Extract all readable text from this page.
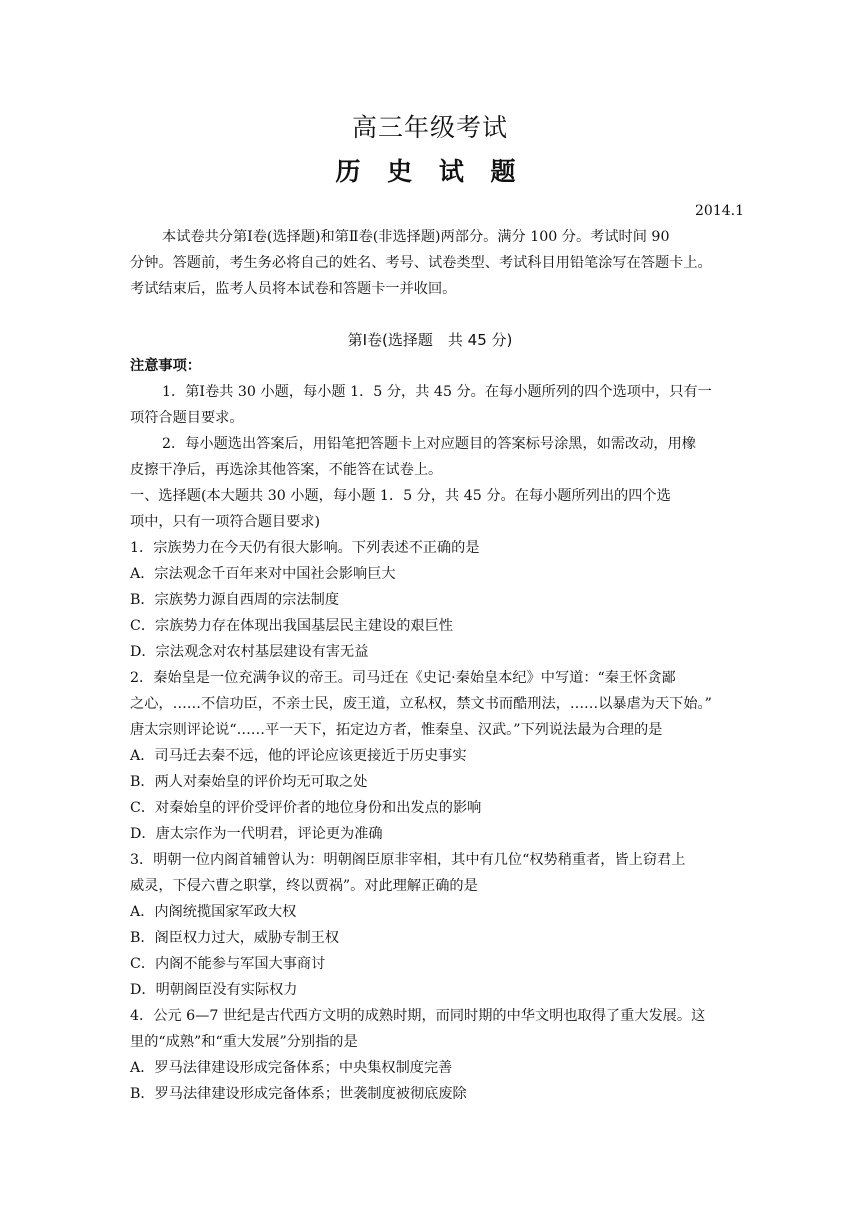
高三年级考试
历 史 试 题
2014.1
本试卷共分第Ⅰ卷(选择题)和第Ⅱ卷(非选择题)两部分。满分 100 分。考试时间 90
分钟。答题前，考生务必将自己的姓名、考号、试卷类型、考试科目用铅笔涂写在答题卡上。
考试结束后，监考人员将本试卷和答题卡一并收回。
第Ⅰ卷(选择题　共 45 分)
注意事项：
1．第Ⅰ卷共 30 小题，每小题 1．5 分，共 45 分。在每小题所列的四个选项中，只有一
项符合题目要求。
2．每小题选出答案后，用铅笔把答题卡上对应题目的答案标号涂黑，如需改动，用橡
皮擦干净后，再选涂其他答案，不能答在试卷上。
一、选择题(本大题共 30 小题，每小题 1．5 分，共 45 分。在每小题所列出的四个选
项中，只有一项符合题目要求)
1．宗族势力在今天仍有很大影响。下列表述不正确的是
A．宗法观念千百年来对中国社会影响巨大
B．宗族势力源自西周的宗法制度
C．宗族势力存在体现出我国基层民主建设的艰巨性
D．宗法观念对农村基层建设有害无益
2．秦始皇是一位充满争议的帝王。司马迁在《史记·秦始皇本纪》中写道：“秦王怀贪鄙
之心，……不信功臣，不亲士民，废王道，立私权，禁文书而酷刑法，……以暴虐为天下始。”
唐太宗则评论说“……平一天下，拓定边方者，惟秦皇、汉武。”下列说法最为合理的是
A．司马迁去秦不远，他的评论应该更接近于历史事实
B．两人对秦始皇的评价均无可取之处
C．对秦始皇的评价受评价者的地位身份和出发点的影响
D．唐太宗作为一代明君，评论更为准确
3．明朝一位内阁首辅曾认为：明朝阁臣原非宰相，其中有几位“权势稍重者，皆上窃君上
威灵，下侵六曹之职掌，终以贾祸”。对此理解正确的是
A．内阁统揽国家军政大权
B．阁臣权力过大，威胁专制王权
C．内阁不能参与军国大事商讨
D．明朝阁臣没有实际权力
4．公元 6—7 世纪是古代西方文明的成熟时期，而同时期的中华文明也取得了重大发展。这
里的“成熟”和“重大发展”分别指的是
A．罗马法律建设形成完备体系；中央集权制度完善
B．罗马法律建设形成完备体系；世袭制度被彻底废除
